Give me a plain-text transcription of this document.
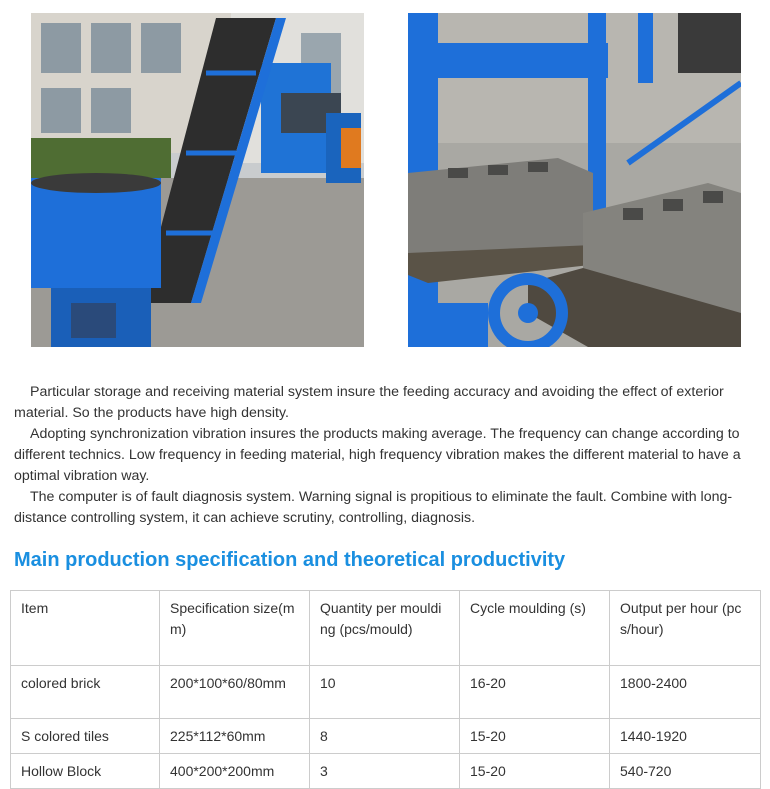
Particular storage and receiving material system insure the feeding accuracy and avoiding the effect of exterior material. So the products have high density.

Adopting synchronization vibration insures the products making average. The frequency can change according to different technics. Low frequency in feeding material, high frequency vibration makes the different material to have a optimal vibration way.

The computer is of fault diagnosis system. Warning signal is propitious to eliminate the fault. Combine with long-distance controlling system, it can achieve scrutiny, controlling, diagnosis.

Main production specification and theoretical productivity
Item	Specification size(mm)	Quantity per moulding (pcs/mould)	Cycle moulding (s)	Output per hour (pcs/hour)
colored brick	200*100*60/80mm	10	16-20	1800-2400
S colored tiles	225*112*60mm	8	15-20	1440-1920
Hollow Block	400*200*200mm	3	15-20	540-720
